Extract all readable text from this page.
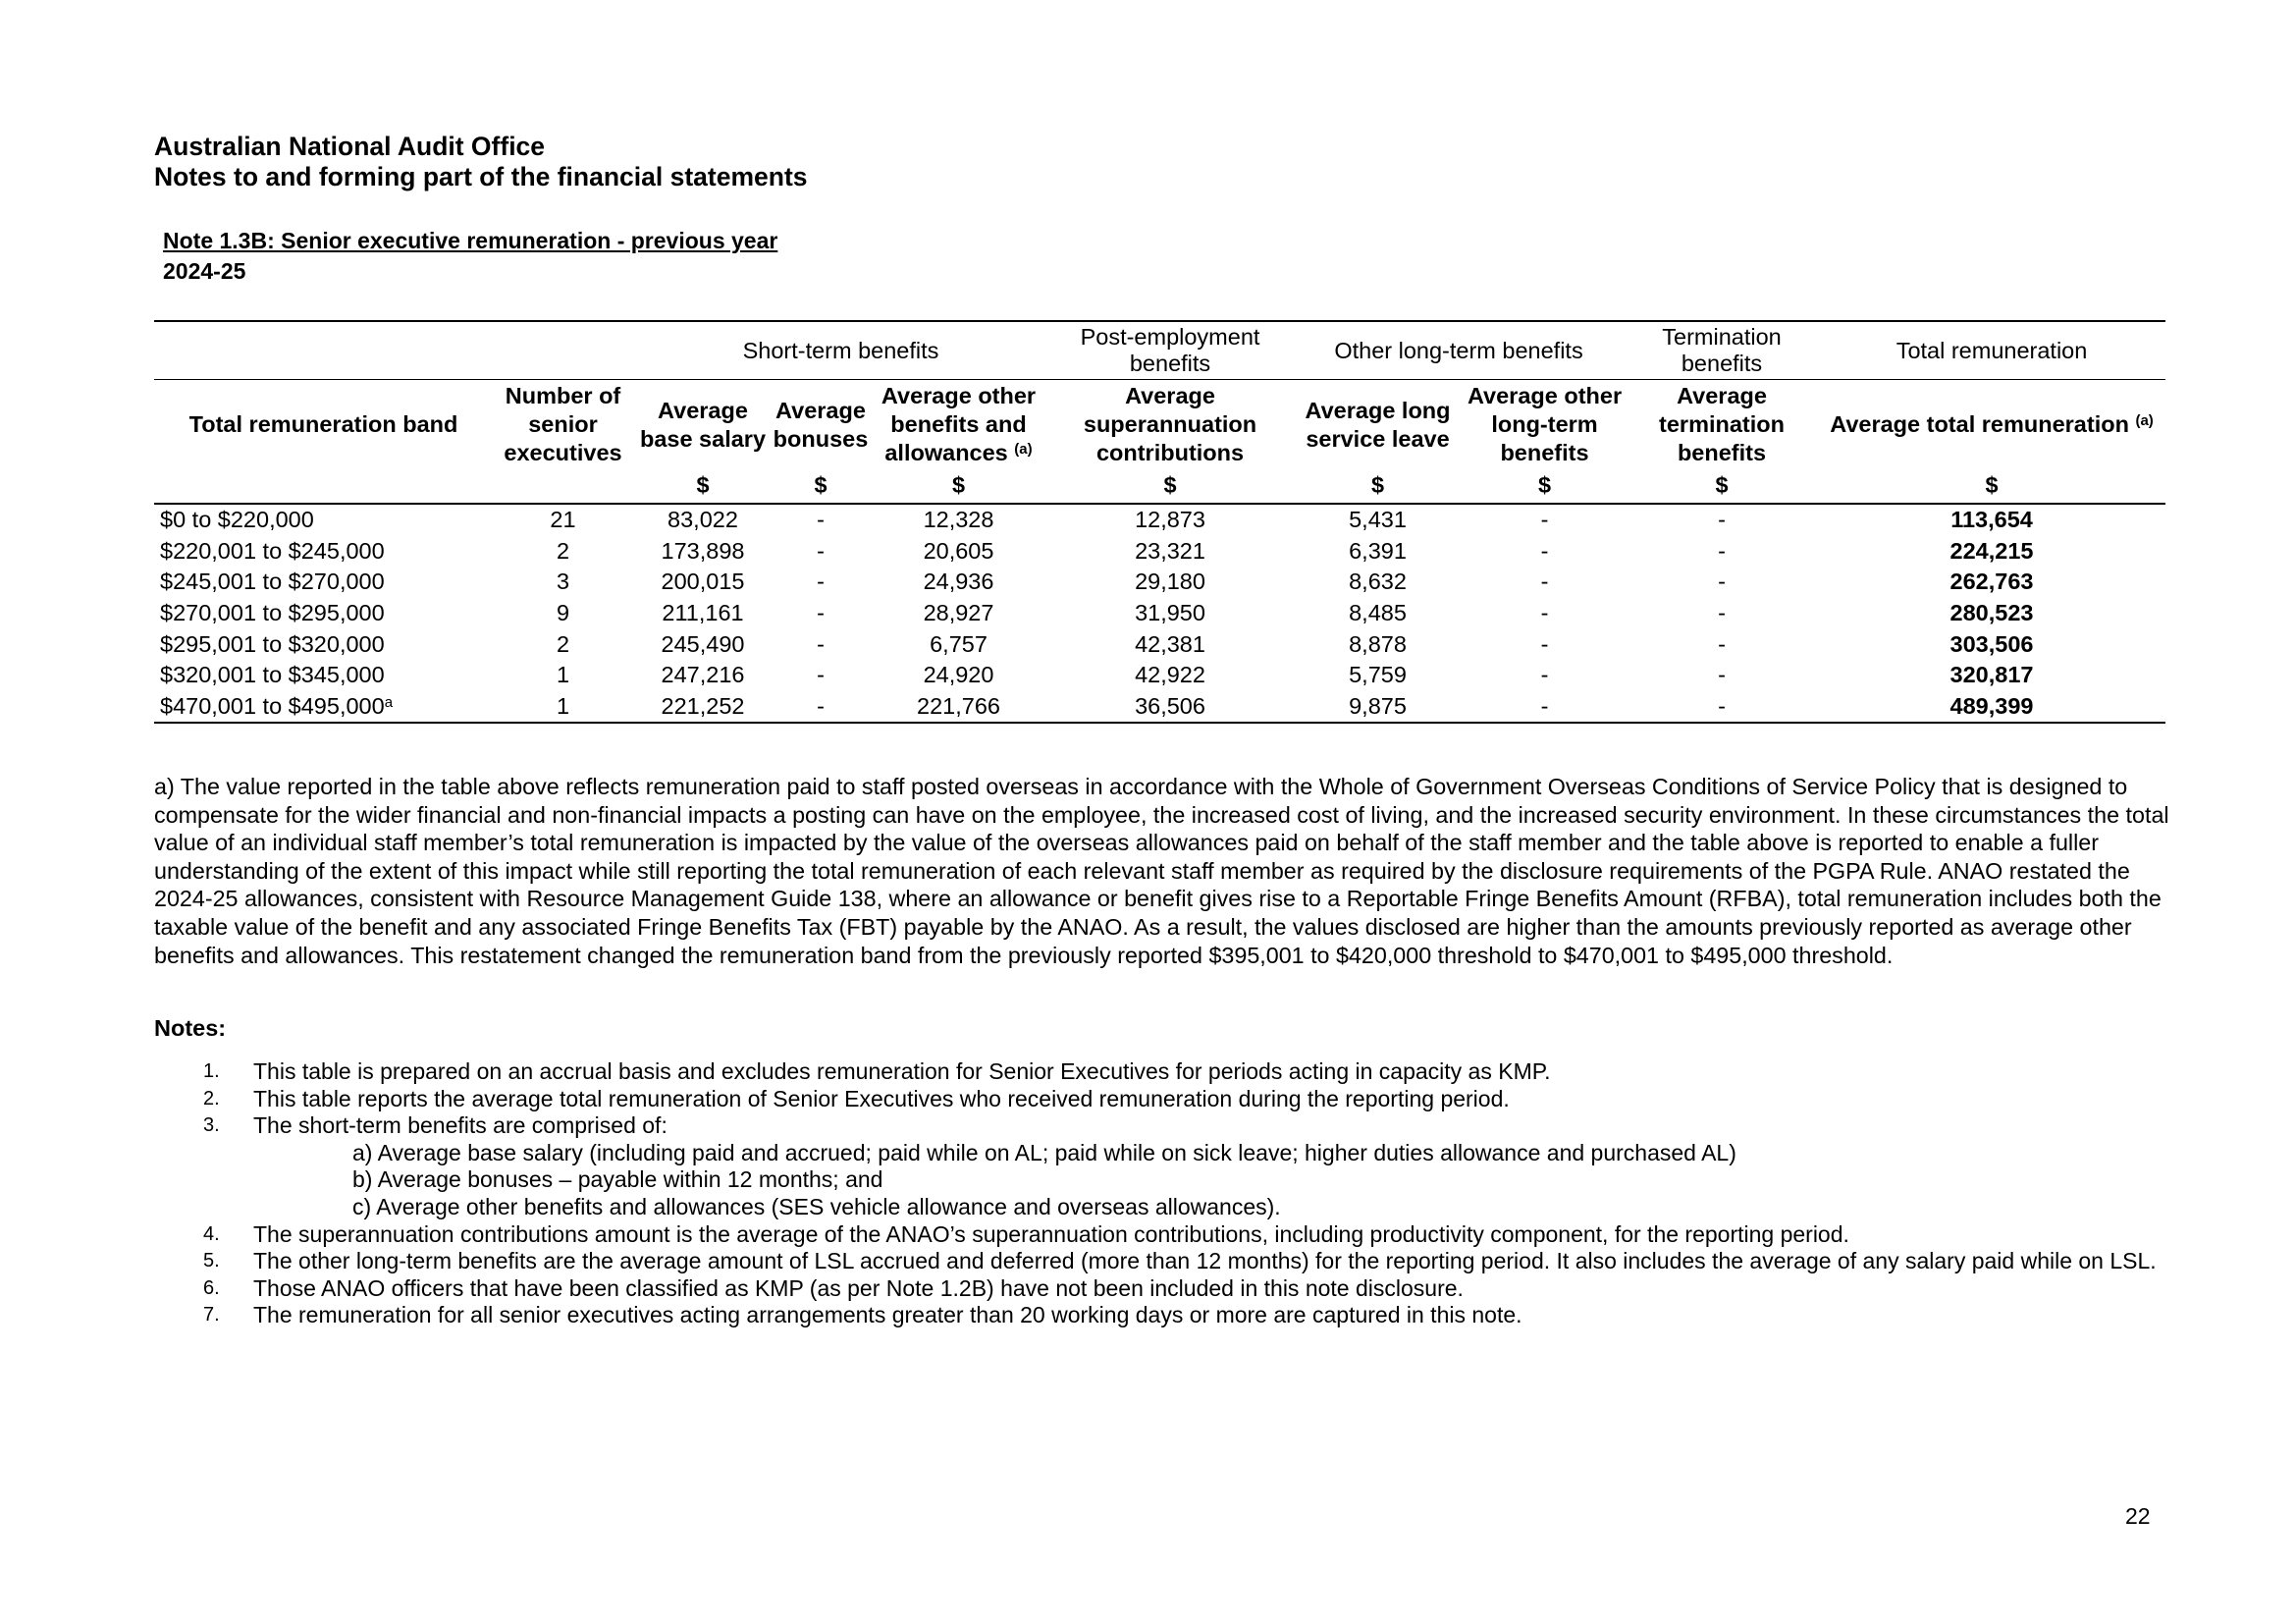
Australian National Audit Office
Notes to and forming part of the financial statements
Note 1.3B: Senior executive remuneration - previous year
2024-25
		Short-term benefits			Post-employment benefits	Other long-term benefits		Termination benefits	Total remuneration
Total remuneration band	Number of senior executives	Average base salary	Average bonuses	Average other benefits and allowances $^{(a)}$	Average superannuation contributions	Average long service leave	Average other long-term benefits	Average termination benefits	Average total remuneration $^{(a)}$
		$	$	$	$	$	$	$	$
$0 to $220,000	21	83,022	-	12,328	12,873	5,431	-	-	113,654
$220,001 to $245,000	2	173,898	-	20,605	23,321	6,391	-	-	224,215
$245,001 to $270,000	3	200,015	-	24,936	29,180	8,632	-	-	262,763
$270,001 to $295,000	9	211,161	-	28,927	31,950	8,485	-	-	280,523
$295,001 to $320,000	2	245,490	-	6,757	42,381	8,878	-	-	303,506
$320,001 to $345,000	1	247,216	-	24,920	42,922	5,759	-	-	320,817
$470,001 to $495,000$^a$	1	221,252	-	221,766	36,506	9,875	-	-	489,399
a) The value reported in the table above reflects remuneration paid to staff posted overseas in accordance with the Whole of Government Overseas Conditions of Service Policy that is designed to compensate for the wider financial and non-financial impacts a posting can have on the employee, the increased cost of living, and the increased security environment. In these circumstances the total value of an individual staff member’s total remuneration is impacted by the value of the overseas allowances paid on behalf of the staff member and the table above is reported to enable a fuller understanding of the extent of this impact while still reporting the total remuneration of each relevant staff member as required by the disclosure requirements of the PGPA Rule. ANAO restated the 2024-25 allowances, consistent with Resource Management Guide 138, where an allowance or benefit gives rise to a Reportable Fringe Benefits Amount (RFBA), total remuneration includes both the taxable value of the benefit and any associated Fringe Benefits Tax (FBT) payable by the ANAO. As a result, the values disclosed are higher than the amounts previously reported as average other benefits and allowances. This restatement changed the remuneration band from the previously reported $395,001 to $420,000 threshold to $470,001 to $495,000 threshold.
Notes:
1.	This table is prepared on an accrual basis and excludes remuneration for Senior Executives for periods acting in capacity as KMP.
2.	This table reports the average total remuneration of Senior Executives who received remuneration during the reporting period.
3.	The short-term benefits are comprised of:
a) Average base salary (including paid and accrued; paid while on AL; paid while on sick leave; higher duties allowance and purchased AL)
b) Average bonuses – payable within 12 months; and
c) Average other benefits and allowances (SES vehicle allowance and overseas allowances).
4.	The superannuation contributions amount is the average of the ANAO’s superannuation contributions, including productivity component, for the reporting period.
5.	The other long-term benefits are the average amount of LSL accrued and deferred (more than 12 months) for the reporting period. It also includes the average of any salary paid while on LSL.
6.	Those ANAO officers that have been classified as KMP (as per Note 1.2B) have not been included in this note disclosure.
7.	The remuneration for all senior executives acting arrangements greater than 20 working days or more are captured in this note.
22
